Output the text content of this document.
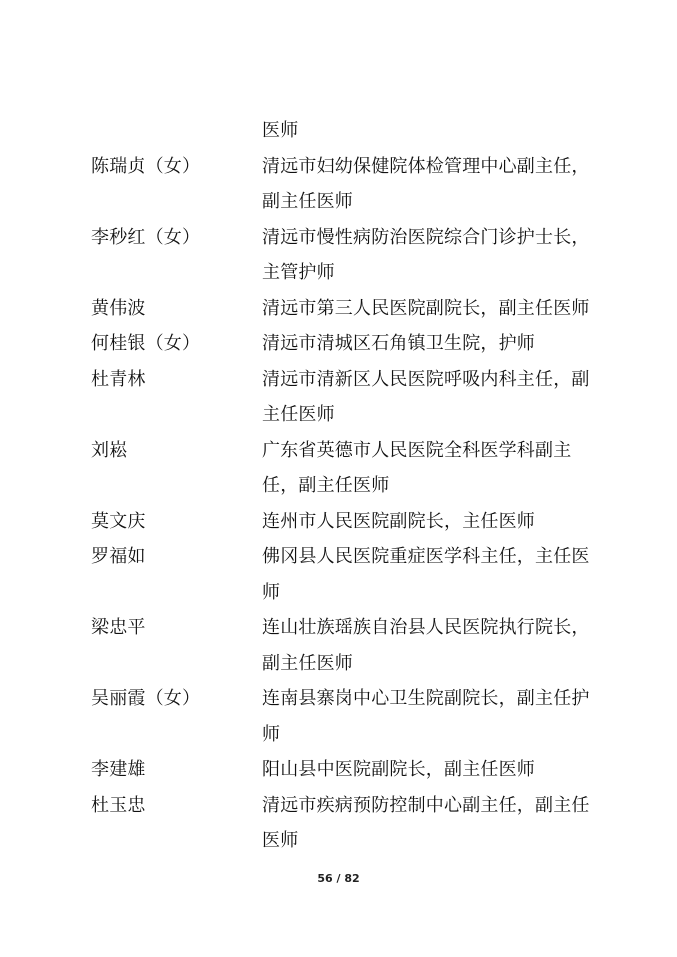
医师
陈瑞贞（女）	清远市妇幼保健院体检管理中心副主任，
副主任医师
李秒红（女）	清远市慢性病防治医院综合门诊护士长，
主管护师
黄伟波	清远市第三人民医院副院长，副主任医师
何桂银（女）	清远市清城区石角镇卫生院，护师
杜青林	清远市清新区人民医院呼吸内科主任，副
主任医师
刘崧	广东省英德市人民医院全科医学科副主
任，副主任医师
莫文庆	连州市人民医院副院长，主任医师
罗福如	佛冈县人民医院重症医学科主任，主任医
师
梁忠平	连山壮族瑶族自治县人民医院执行院长，
副主任医师
吴丽霞（女）	连南县寨岗中心卫生院副院长，副主任护
师
李建雄	阳山县中医院副院长，副主任医师
杜玉忠	清远市疾病预防控制中心副主任，副主任
医师
56 / 82
